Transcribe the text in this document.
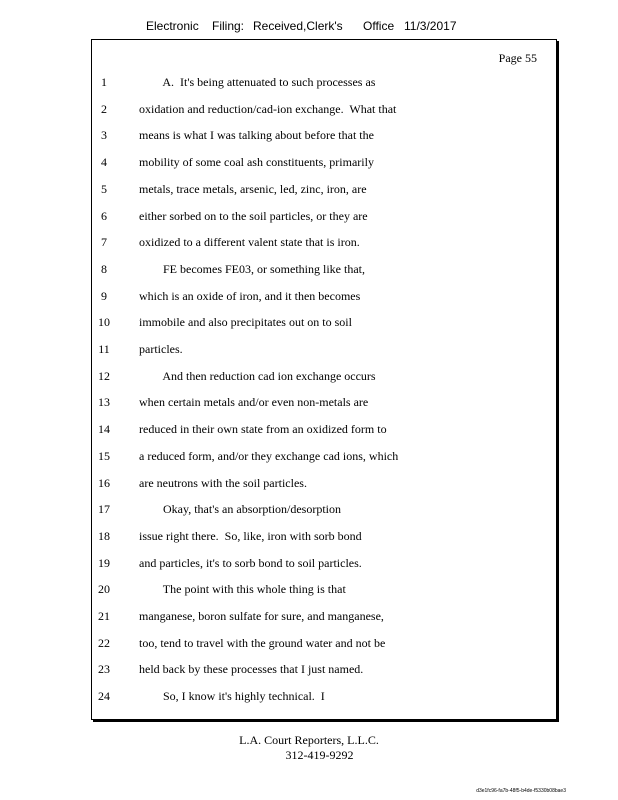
Electronic Filing: Received,Clerk's Office 11/3/2017
Page 55
1	A.  It's being attenuated to such processes as
2	oxidation and reduction/cad-ion exchange.  What that
3	means is what I was talking about before that the
4	mobility of some coal ash constituents, primarily
5	metals, trace metals, arsenic, led, zinc, iron, are
6	either sorbed on to the soil particles, or they are
7	oxidized to a different valent state that is iron.
8	FE becomes FE03, or something like that,
9	which is an oxide of iron, and it then becomes
10	immobile and also precipitates out on to soil
11	particles.
12	And then reduction cad ion exchange occurs
13	when certain metals and/or even non-metals are
14	reduced in their own state from an oxidized form to
15	a reduced form, and/or they exchange cad ions, which
16	are neutrons with the soil particles.
17	Okay, that's an absorption/desorption
18	issue right there.  So, like, iron with sorb bond
19	and particles, it's to sorb bond to soil particles.
20	The point with this whole thing is that
21	manganese, boron sulfate for sure, and manganese,
22	too, tend to travel with the ground water and not be
23	held back by these processes that I just named.
24	So, I know it's highly technical.  I
L.A. Court Reporters, L.L.C.
312-419-9292
d3e1fc96-fa7b-48f5-b4de-f5330b08bae3
